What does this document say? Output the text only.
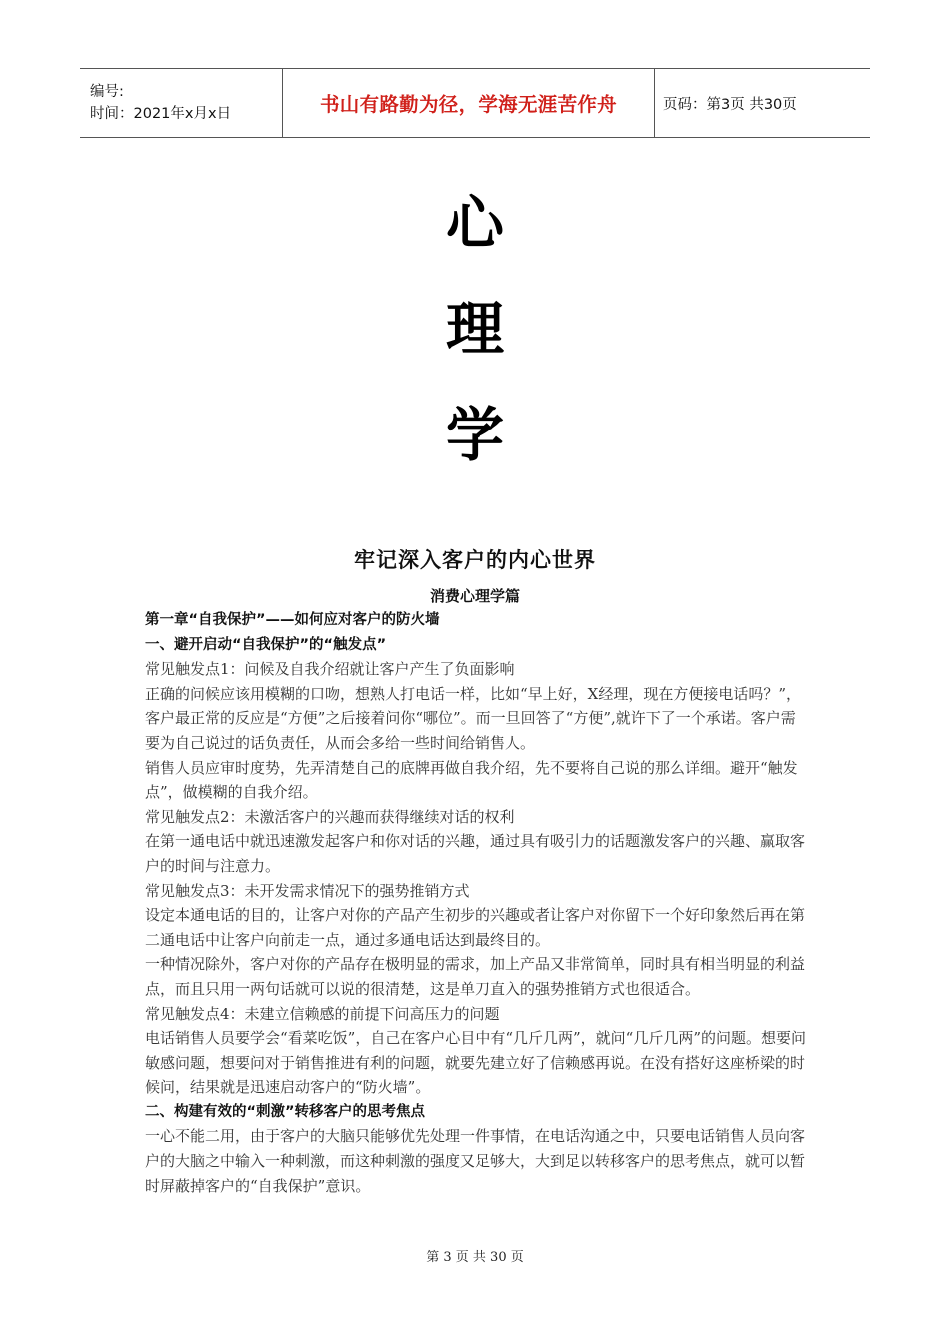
编号:
时间：2021年x月x日	书山有路勤为径，学海无涯苦作舟	页码：第3页 共30页
心
理
学
牢记深入客户的内心世界
消费心理学篇

第一章“自我保护”——如何应对客户的防火墙

一、避开启动“自我保护”的“触发点”

常见触发点1：问候及自我介绍就让客户产生了负面影响

正确的问候应该用模糊的口吻，想熟人打电话一样，比如“早上好，X经理，现在方便接电话吗？”，客户最正常的反应是“方便”之后接着问你“哪位”。而一旦回答了“方便”,就许下了一个承诺。客户需要为自己说过的话负责任，从而会多给一些时间给销售人。

销售人员应审时度势，先弄清楚自己的底牌再做自我介绍，先不要将自己说的那么详细。避开“触发点”，做模糊的自我介绍。

常见触发点2：未激活客户的兴趣而获得继续对话的权利

在第一通电话中就迅速激发起客户和你对话的兴趣，通过具有吸引力的话题激发客户的兴趣、赢取客户的时间与注意力。

常见触发点3：未开发需求情况下的强势推销方式

设定本通电话的目的，让客户对你的产品产生初步的兴趣或者让客户对你留下一个好印象然后再在第二通电话中让客户向前走一点，通过多通电话达到最终目的。

一种情况除外，客户对你的产品存在极明显的需求，加上产品又非常简单，同时具有相当明显的利益点，而且只用一两句话就可以说的很清楚，这是单刀直入的强势推销方式也很适合。

常见触发点4：未建立信赖感的前提下问高压力的问题

电话销售人员要学会“看菜吃饭”，自己在客户心目中有“几斤几两”，就问“几斤几两”的问题。想要问敏感问题，想要问对于销售推进有利的问题，就要先建立好了信赖感再说。在没有搭好这座桥梁的时候问，结果就是迅速启动客户的“防火墙”。

二、构建有效的“刺激”转移客户的思考焦点

一心不能二用，由于客户的大脑只能够优先处理一件事情，在电话沟通之中，只要电话销售人员向客户的大脑之中输入一种刺激，而这种刺激的强度又足够大，大到足以转移客户的思考焦点，就可以暂时屏蔽掉客户的“自我保护”意识。

第 3 页 共 30 页
